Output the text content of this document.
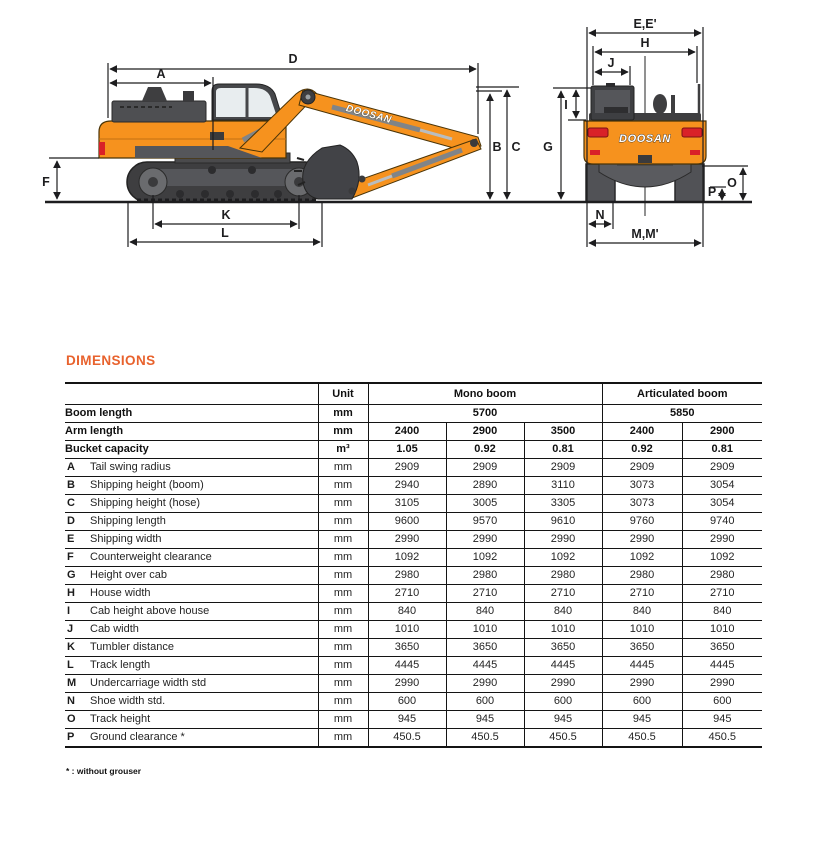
DOOSAN
DOOSAN
A
B C
D
E,E'
F
G
H
I
J
K
L	M,M'
N
O
P
DIMENSIONS
	Unit	Mono boom			Articulated boom	
Boom length	mm	5700			5850	
Arm length	mm	2400	2900	3500	2400	2900
Bucket capacity	m³	1.05	0.92	0.81	0.92	0.81
A Tail swing radius	mm	2909	2909	2909	2909	2909
B Shipping height (boom)	mm	2940	2890	3110	3073	3054
C Shipping height (hose)	mm	3105	3005	3305	3073	3054
D Shipping length	mm	9600	9570	9610	9760	9740
E Shipping width	mm	2990	2990	2990	2990	2990
F Counterweight clearance	mm	1092	1092	1092	1092	1092
G Height over cab	mm	2980	2980	2980	2980	2980
H House width	mm	2710	2710	2710	2710	2710
I Cab height above house	mm	840	840	840	840	840
J Cab width	mm	1010	1010	1010	1010	1010
K Tumbler distance	mm	3650	3650	3650	3650	3650
L Track length	mm	4445	4445	4445	4445	4445
M Undercarriage width std	mm	2990	2990	2990	2990	2990
N Shoe width std.	mm	600	600	600	600	600
O Track height	mm	945	945	945	945	945
P Ground clearance *	mm	450.5	450.5	450.5	450.5	450.5
* : without grouser
